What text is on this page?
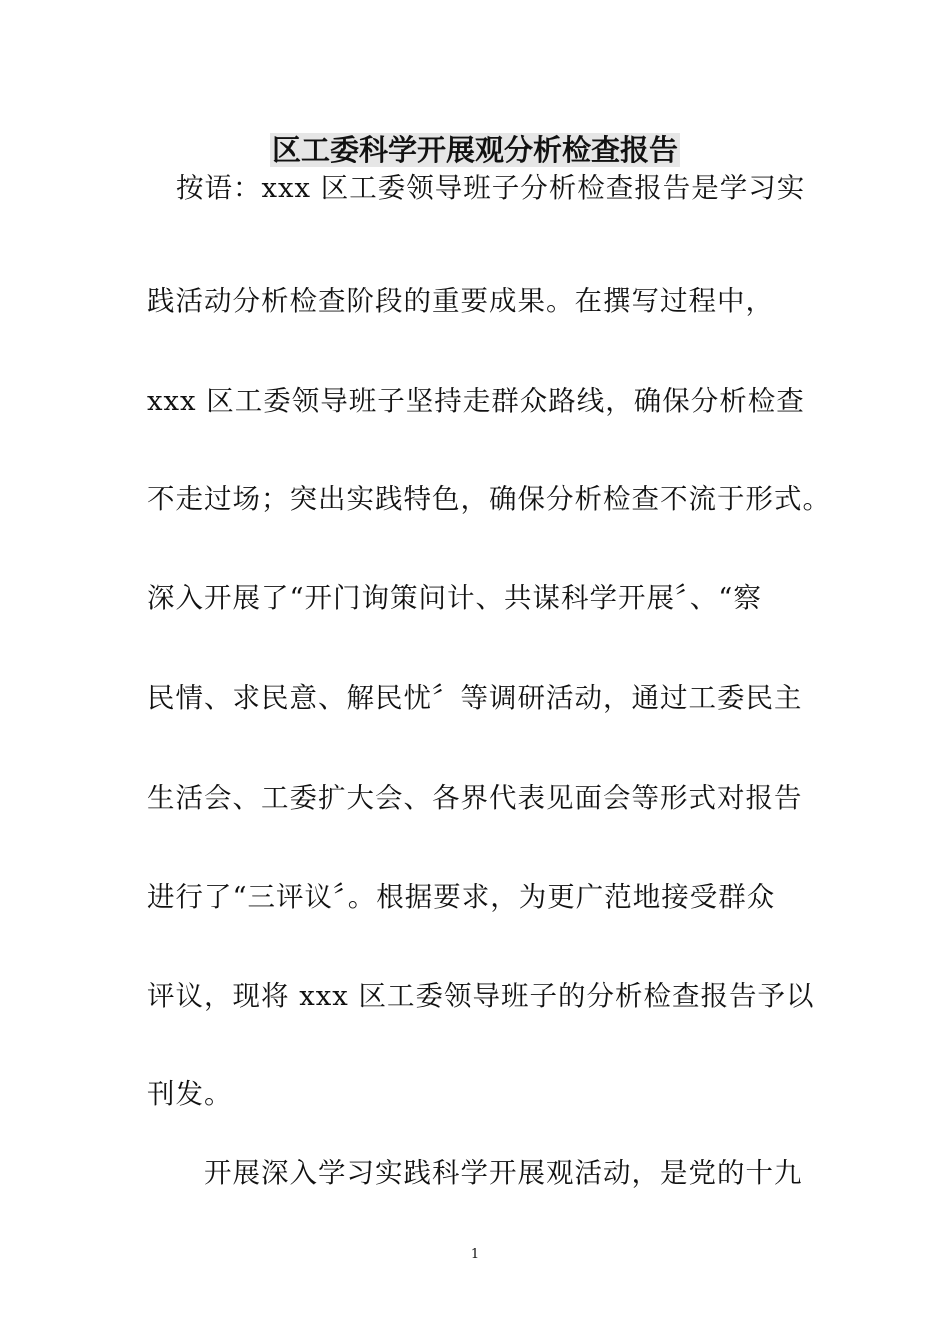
区工委科学开展观分析检查报告
按语：xxx 区工委领导班子分析检查报告是学习实
践活动分析检查阶段的重要成果。在撰写过程中，
xxx 区工委领导班子坚持走群众路线，确保分析检查
不走过场；突出实践特色，确保分析检查不流于形式。
深入开展了“开门询策问计、共谋科学开展〞、“察
民情、求民意、解民忧〞等调研活动，通过工委民主
生活会、工委扩大会、各界代表见面会等形式对报告
进行了“三评议〞。根据要求，为更广范地接受群众
评议，现将 xxx 区工委领导班子的分析检查报告予以
刊发。
开展深入学习实践科学开展观活动，是党的十九
1
